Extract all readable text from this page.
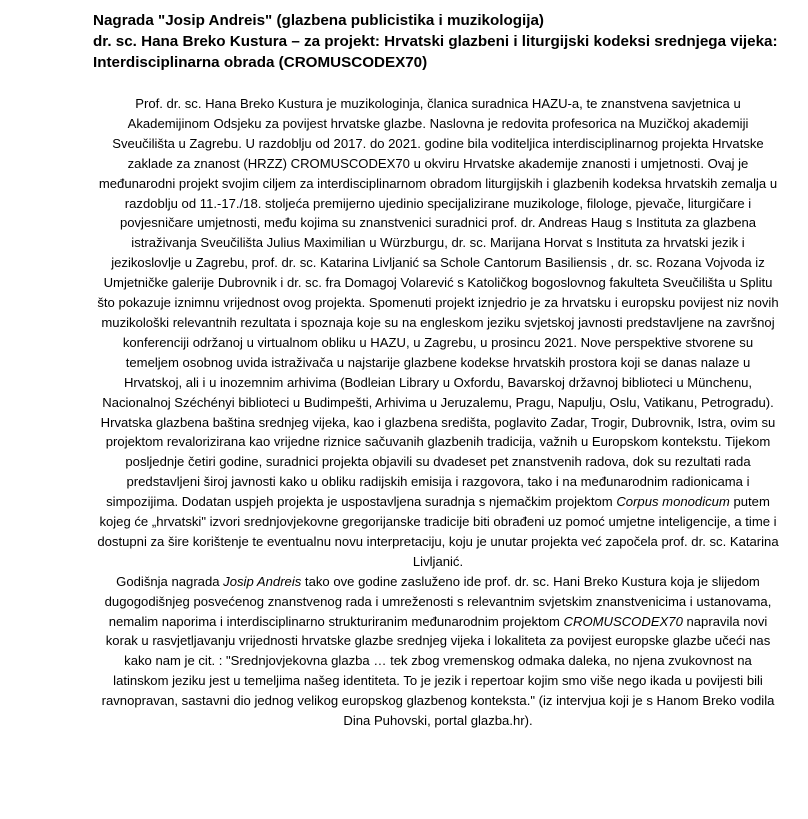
Nagrada "Josip Andreis" (glazbena publicistika i muzikologija)
dr. sc. Hana Breko Kustura – za projekt: Hrvatski glazbeni i liturgijski kodeksi srednjega vijeka: Interdisciplinarna obrada (CROMUSCODEX70)

Prof. dr. sc. Hana Breko Kustura je muzikologinja, članica suradnica HAZU-a, te znanstvena savjetnica u Akademijinom Odsjeku za povijest hrvatske glazbe. Naslovna je redovita profesorica na Muzičkoj akademiji Sveučilišta u Zagrebu. U razdoblju od 2017. do 2021. godine bila voditeljica interdisciplinarnog projekta Hrvatske zaklade za znanost (HRZZ) CROMUSCODEX70 u okviru Hrvatske akademije znanosti i umjetnosti. Ovaj je međunarodni projekt svojim ciljem za interdisciplinarnom obradom liturgijskih i glazbenih kodeksa hrvatskih zemalja u razdoblju od 11.-17./18. stoljeća premijerno ujedinio specijalizirane muzikologe, filologe, pjevače, liturgičare i povjesničare umjetnosti, među kojima su znanstvenici suradnici prof. dr. Andreas Haug s Instituta za glazbena istraživanja Sveučilišta Julius Maximilian u Würzburgu, dr. sc. Marijana Horvat s Instituta za hrvatski jezik i jezikoslovlje u Zagrebu, prof. dr. sc. Katarina Livljanić sa Schole Cantorum Basiliensis , dr. sc. Rozana Vojvoda iz Umjetničke galerije Dubrovnik i dr. sc. fra Domagoj Volarević s Katoličkog bogoslovnog fakulteta Sveučilišta u Splitu što pokazuje iznimnu vrijednost ovog projekta. Spomenuti projekt iznjedrio je za hrvatsku i europsku povijest niz novih muzikološki relevantnih rezultata i spoznaja koje su na engleskom jeziku svjetskoj javnosti predstavljene na završnoj konferenciji održanoj u virtualnom obliku u HAZU, u Zagrebu, u prosincu 2021. Nove perspektive stvorene su temeljem osobnog uvida istraživača u najstarije glazbene kodekse hrvatskih prostora koji se danas nalaze u Hrvatskoj, ali i u inozemnim arhivima (Bodleian Library u Oxfordu, Bavarskoj državnoj biblioteci u Münchenu, Nacionalnoj Széchényi biblioteci u Budimpešti, Arhivima u Jeruzalemu, Pragu, Napulju, Oslu, Vatikanu, Petrogradu). Hrvatska glazbena baština srednjeg vijeka, kao i glazbena središta, poglavito Zadar, Trogir, Dubrovnik, Istra, ovim su projektom revalorizirana kao vrijedne riznice sačuvanih glazbenih tradicija, važnih u Europskom kontekstu. Tijekom posljednje četiri godine, suradnici projekta objavili su dvadeset pet znanstvenih radova, dok su rezultati rada predstavljeni široj javnosti kako u obliku radijskih emisija i razgovora, tako i na međunarodnim radionicama i simpozijima. Dodatan uspjeh projekta je uspostavljena suradnja s njemačkim projektom Corpus monodicum putem kojeg će „hrvatski" izvori srednjovjekovne gregorijanske tradicije biti obrađeni uz pomoć umjetne inteligencije, a time i dostupni za šire korištenje te eventualnu novu interpretaciju, koju je unutar projekta već započela prof. dr. sc. Katarina Livljanić.

Godišnja nagrada Josip Andreis tako ove godine zasluženo ide prof. dr. sc. Hani Breko Kustura koja je slijedom dugogodišnjeg posvećenog znanstvenog rada i umreženosti s relevantnim svjetskim znanstvenicima i ustanovama, nemalim naporima i interdisciplinarno strukturiranim međunarodnim projektom CROMUSCODEX70 napravila novi korak u rasvjetljavanju vrijednosti hrvatske glazbe srednjeg vijeka i lokaliteta za povijest europske glazbe učeći nas kako nam je cit. : "Srednjovjekovna glazba … tek zbog vremenskog odmaka daleka, no njena zvukovnost na latinskom jeziku jest u temeljima našeg identiteta. To je jezik i repertoar kojim smo više nego ikada u povijesti bili ravnopravan, sastavni dio jednog velikog europskog glazbenog konteksta." (iz intervjua koji je s Hanom Breko vodila Dina Puhovski, portal glazba.hr).
